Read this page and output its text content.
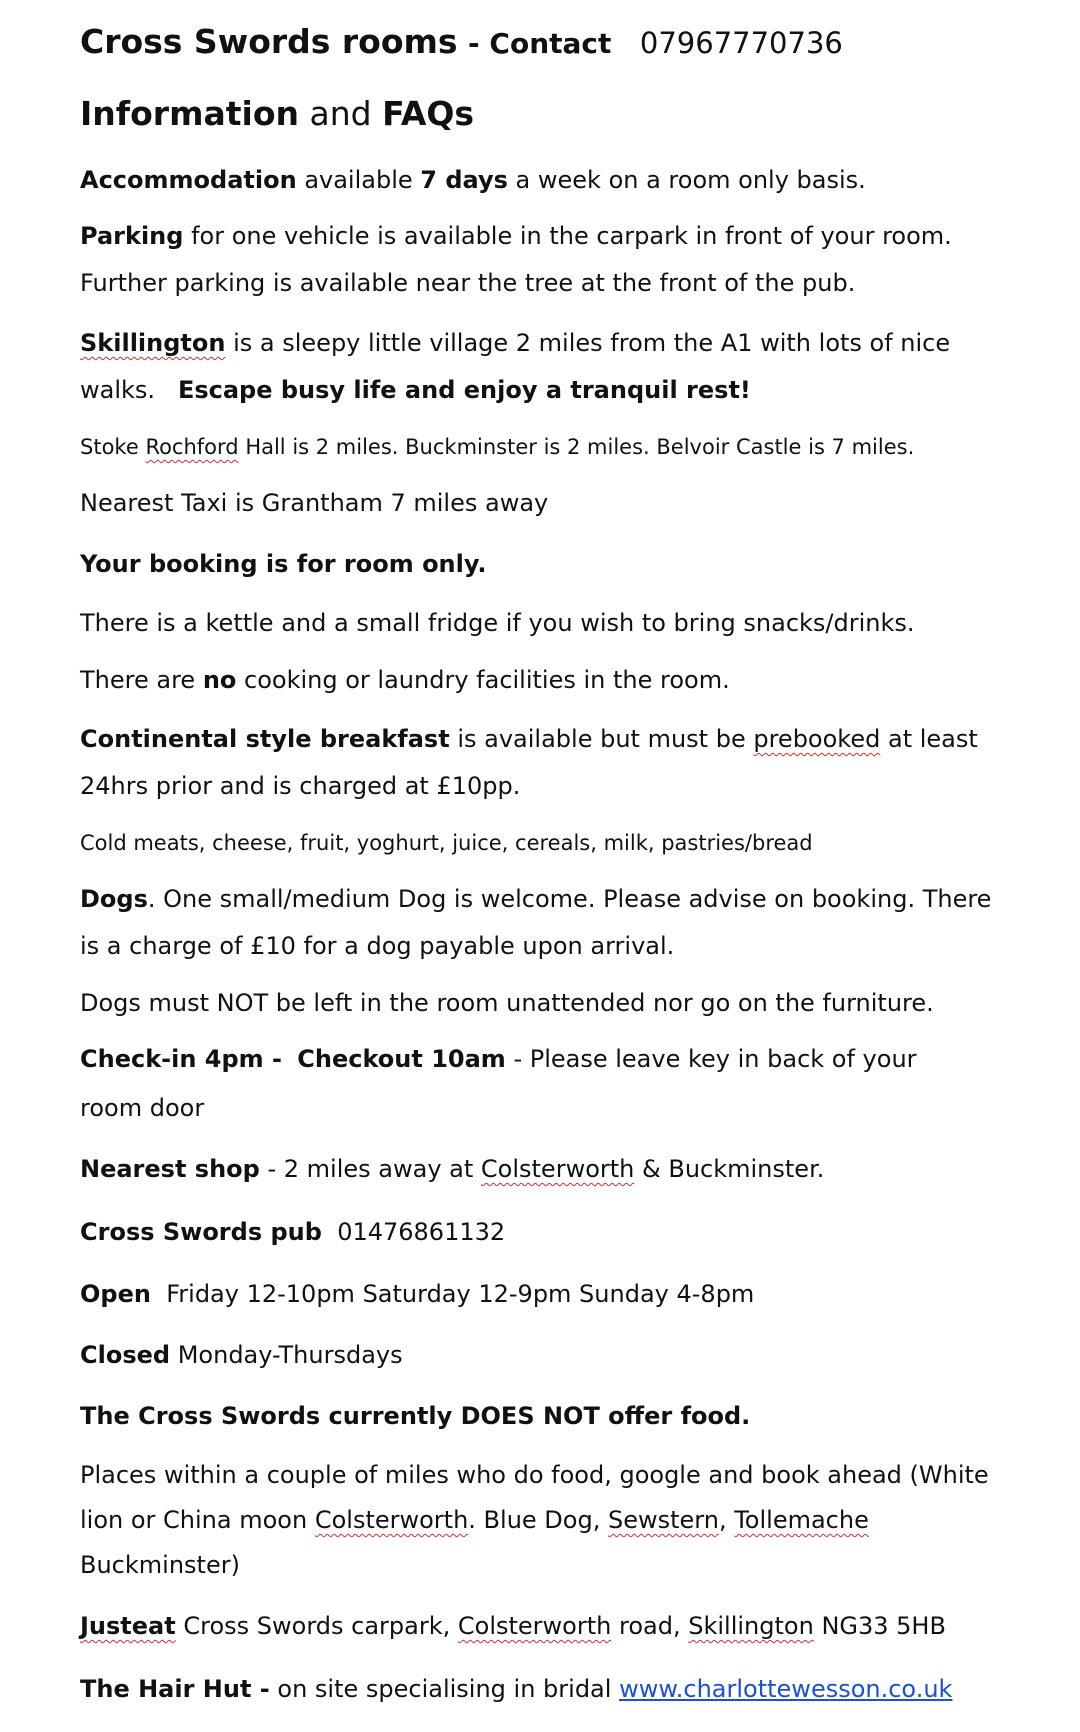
Cross Swords rooms - Contact 07967770736
Information and FAQs

Accommodation available 7 days a week on a room only basis.

Parking for one vehicle is available in the carpark in front of your room.

Further parking is available near the tree at the front of the pub.

Skillington is a sleepy little village 2 miles from the A1 with lots of nice

walks. Escape busy life and enjoy a tranquil rest!

Stoke Rochford Hall is 2 miles. Buckminster is 2 miles. Belvoir Castle is 7 miles.

Nearest Taxi is Grantham 7 miles away

Your booking is for room only.

There is a kettle and a small fridge if you wish to bring snacks/drinks.

There are no cooking or laundry facilities in the room.

Continental style breakfast is available but must be prebooked at least

24hrs prior and is charged at £10pp.

Cold meats, cheese, fruit, yoghurt, juice, cereals, milk, pastries/bread

Dogs. One small/medium Dog is welcome. Please advise on booking. There

is a charge of £10 for a dog payable upon arrival.

Dogs must NOT be left in the room unattended nor go on the furniture.

Check-in 4pm - Checkout 10am - Please leave key in back of your

room door

Nearest shop - 2 miles away at Colsterworth & Buckminster.

Cross Swords pub 01476861132

Open Friday 12-10pm Saturday 12-9pm Sunday 4-8pm

Closed Monday-Thursdays

The Cross Swords currently DOES NOT offer food.

Places within a couple of miles who do food, google and book ahead (White

lion or China moon Colsterworth. Blue Dog, Sewstern, Tollemache

Buckminster)

Justeat Cross Swords carpark, Colsterworth road, Skillington NG33 5HB

The Hair Hut - on site specialising in bridal www.charlottewesson.co.uk
